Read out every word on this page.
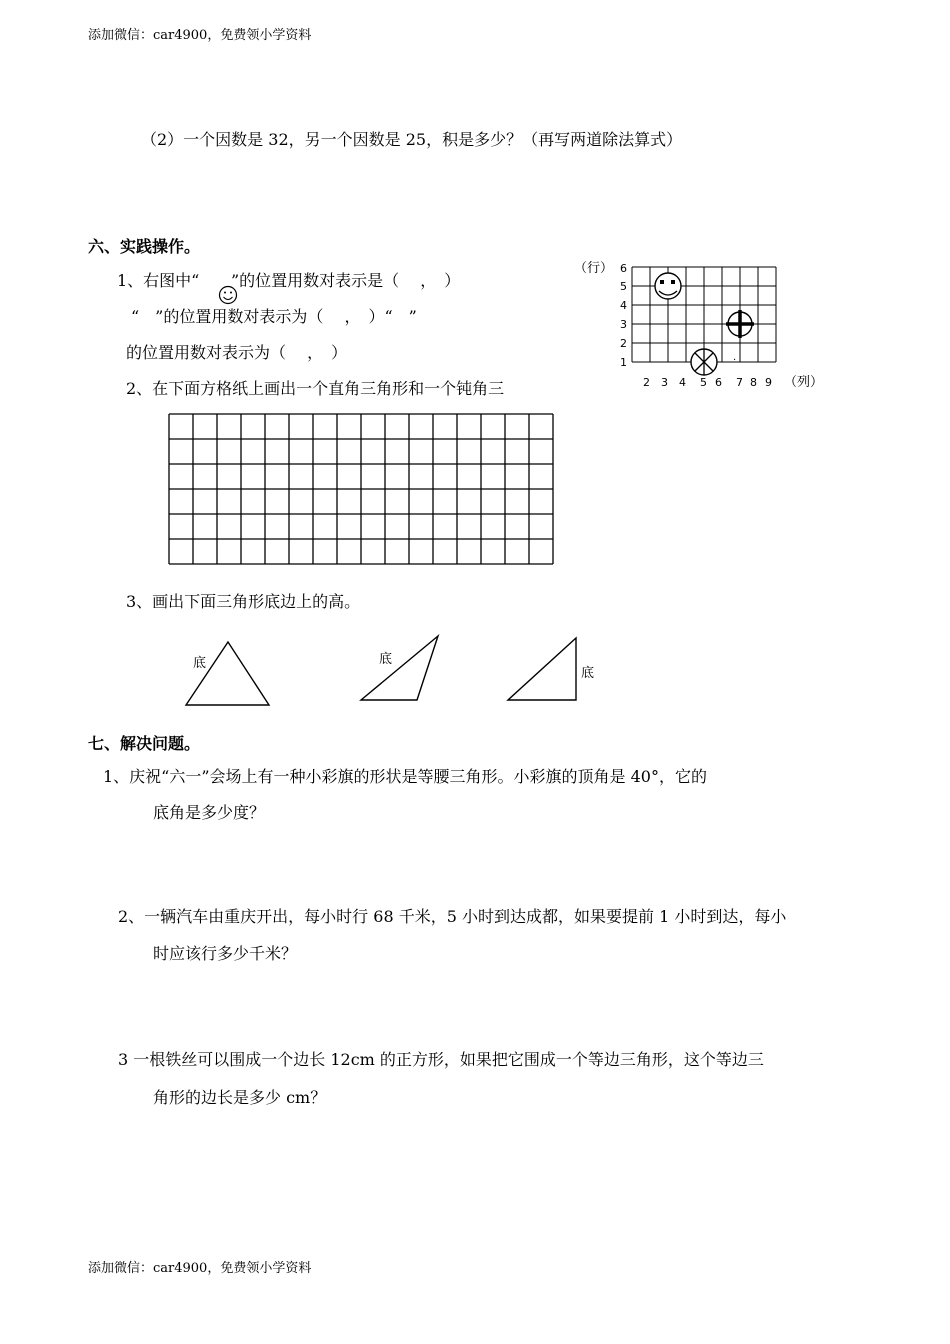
添加微信：car4900，免费领小学资料
（2）一个因数是 32，另一个因数是 25，积是多少？（再写两道除法算式）
六、实践操作。
1、右图中“ ”的位置用数对表示是（　 ，　）
“　”的位置用数对表示为（　 ，　）“　”
的位置用数对表示为（　 ，　）
2、在下面方格纸上画出一个直角三角形和一个钝角三
（行） 6
5
4
3
2
1
2 3 4 5 6 7 8 9 （列）
.
3、画出下面三角形底边上的高。
底	底
底
七、解决问题。
1、庆祝“六一”会场上有一种小彩旗的形状是等腰三角形。小彩旗的顶角是 40°，它的
底角是多少度？
2、一辆汽车由重庆开出，每小时行 68 千米，5 小时到达成都，如果要提前 1 小时到达，每小
时应该行多少千米？
3 一根铁丝可以围成一个边长 12cm 的正方形，如果把它围成一个等边三角形，这个等边三
角形的边长是多少 cm？
添加微信：car4900，免费领小学资料
